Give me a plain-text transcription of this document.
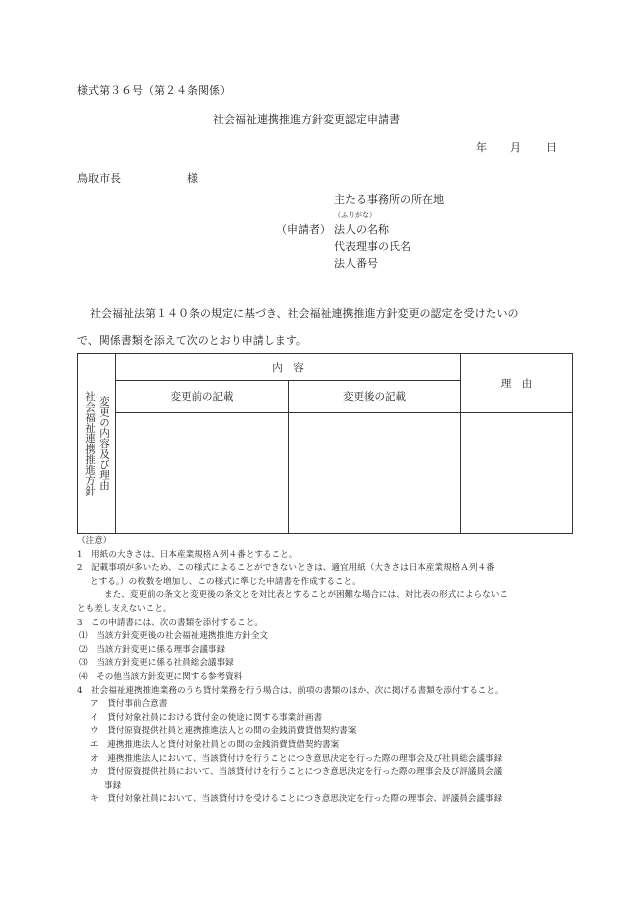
様式第３６号（第２４条関係）
社会福祉連携推進方針変更認定申請書
年 月 日
鳥取市長	様
主たる事務所の所在地
（ふりがな）
（申請者） 法人の名称
代表理事の氏名
法人番号
社会福祉法第１４０条の規定に基づき、社会福祉連携推進方針変更の認定を受けたいの
で、関係書類を添えて次のとおり申請します。
変更の内容及び理由
社会福祉連携推進方針	内　容		理　由
	変更前の記載	変更後の記載	

（注意）
1　用紙の大きさは、日本産業規格Ａ列４番とすること。
2　記載事項が多いため、この様式によることができないときは、適宜用紙（大きさは日本産業規格Ａ列４番
とする。）の枚数を増加し、この様式に準じた申請書を作成すること。
また、変更前の条文と変更後の条文とを対比表とすることが困難な場合には、対比表の形式によらないこ
とも差し支えないこと。
3　この申請書には、次の書類を添付すること。
⑴　当該方針変更後の社会福祉連携推進方針全文
⑵　当該方針変更に係る理事会議事録
⑶　当該方針変更に係る社員総会議事録
⑷　その他当該方針変更に関する参考資料
4　社会福祉連携推進業務のうち貸付業務を行う場合は、前項の書類のほか、次に掲げる書類を添付すること。
ア　貸付事前合意書
イ　貸付対象社員における貸付金の使途に関する事業計画書
ウ　貸付原資提供社員と連携推進法人との間の金銭消費貸借契約書案
エ　連携推進法人と貸付対象社員との間の金銭消費貸借契約書案
オ　連携推進法人において、当該貸付けを行うことにつき意思決定を行った際の理事会及び社員総会議事録
カ　貸付原資提供社員において、当該貸付けを行うことにつき意思決定を行った際の理事会及び評議員会議
事録
キ　貸付対象社員において、当該貸付けを受けることにつき意思決定を行った際の理事会、評議員会議事録
